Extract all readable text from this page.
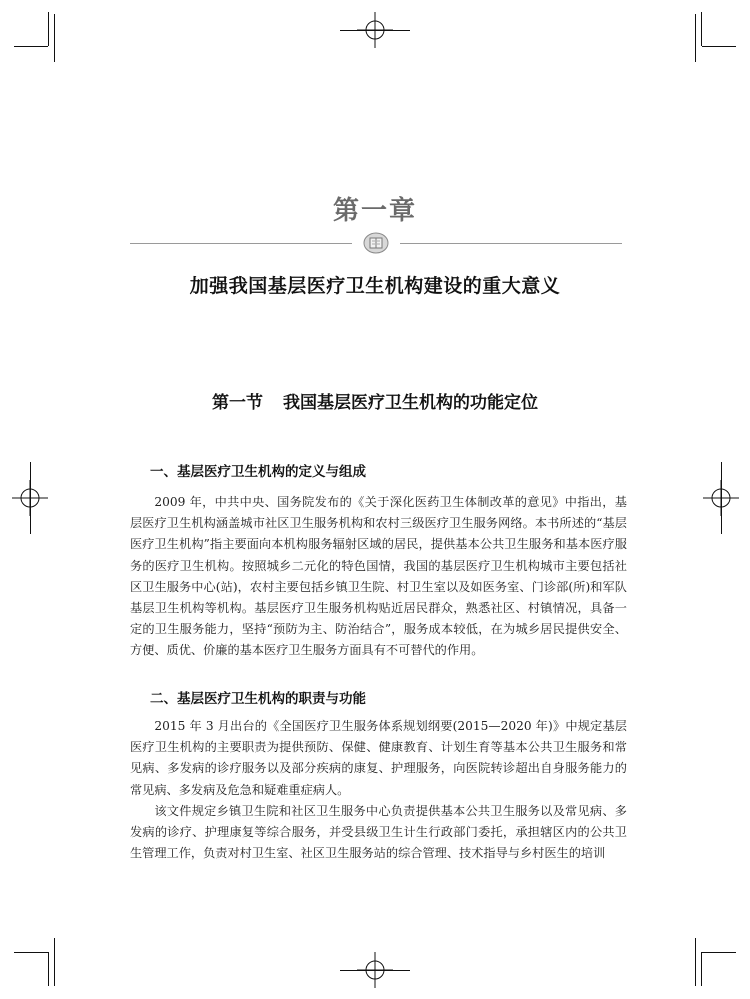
第一章
加强我国基层医疗卫生机构建设的重大意义
第一节 我国基层医疗卫生机构的功能定位
一、基层医疗卫生机构的定义与组成

2009 年，中共中央、国务院发布的《关于深化医药卫生体制改革的意见》中指出，基层医疗卫生机构涵盖城市社区卫生服务机构和农村三级医疗卫生服务网络。本书所述的“基层医疗卫生机构”指主要面向本机构服务辐射区域的居民，提供基本公共卫生服务和基本医疗服务的医疗卫生机构。按照城乡二元化的特色国情，我国的基层医疗卫生机构城市主要包括社区卫生服务中心(站)，农村主要包括乡镇卫生院、村卫生室以及如医务室、门诊部(所)和军队基层卫生机构等机构。基层医疗卫生服务机构贴近居民群众，熟悉社区、村镇情况，具备一定的卫生服务能力，坚持“预防为主、防治结合”，服务成本较低，在为城乡居民提供安全、方便、质优、价廉的基本医疗卫生服务方面具有不可替代的作用。

二、基层医疗卫生机构的职责与功能

2015 年 3 月出台的《全国医疗卫生服务体系规划纲要(2015—2020 年)》中规定基层医疗卫生机构的主要职责为提供预防、保健、健康教育、计划生育等基本公共卫生服务和常见病、多发病的诊疗服务以及部分疾病的康复、护理服务，向医院转诊超出自身服务能力的常见病、多发病及危急和疑难重症病人。

该文件规定乡镇卫生院和社区卫生服务中心负责提供基本公共卫生服务以及常见病、多发病的诊疗、护理康复等综合服务，并受县级卫生计生行政部门委托，承担辖区内的公共卫生管理工作，负责对村卫生室、社区卫生服务站的综合管理、技术指导与乡村医生的培训
